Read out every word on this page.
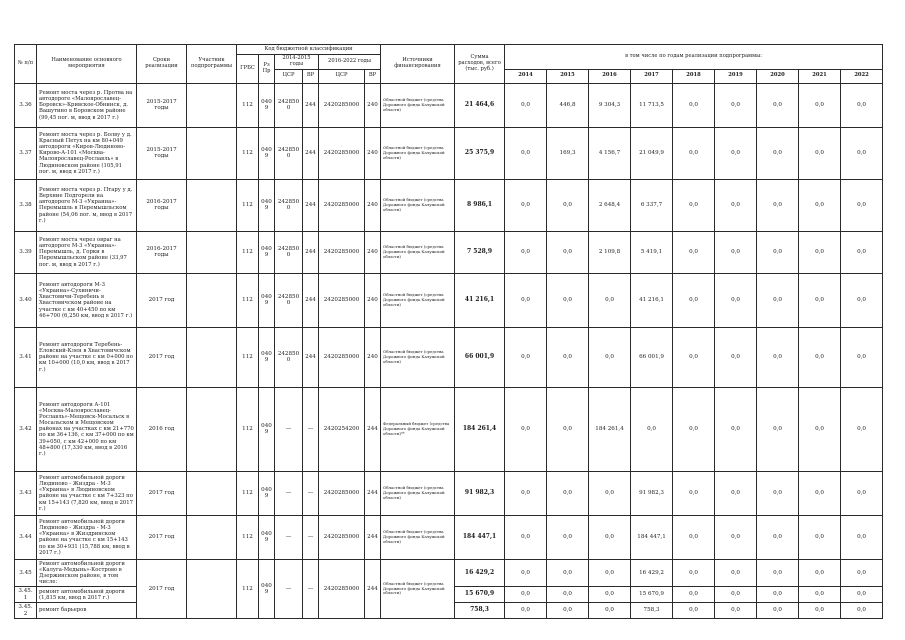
№ п/п	Наименование основного мероприятия	Сроки реализации	Участник подпрограммы	Код бюджетной классификации						Источники финансирования	Сумма расходов, всего (тыс. руб.)	в том числе по годам реализации подпрограммы:								
				ГРБС	Рз Пр	2014-2015 годы		2016-2022 годы												
						ЦСР	ВР	ЦСР	ВР			2014	2015	2016	2017	2018	2019	2020	2021	2022

3.36	Ремонт моста через р. Протва на автодороге «Малоярославец-Боровск»-Кривское-Обнинск, д. Вашутино в Боровском районе (99,45 пог. м, ввод в 2017 г.)	2015-2017 годы		112	0409	2428500	244	2420285000	240	Областной бюджет (средства Дорожного фонда Калужской области)	21 464,6	0,0	446,8	9 304,3	11 713,5	0,0	0,0	0,0	0,0	0,0
3.37	Ремонт моста через р. Болву у д. Красный Петух на км 80+049 автодороги «Киров-Людиново-Кирово-А-101 «Москва-Малоярославец-Рославль» в Людиновском районе (105,91 пог. м, ввод в 2017 г.)	2015-2017 годы		112	0409	2428500	244	2420285000	240	Областной бюджет (средства Дорожного фонда Калужской области)	25 375,9	0,0	169,3	4 156,7	21 049,9	0,0	0,0	0,0	0,0	0,0
3.38	Ремонт моста через р. Птару у д. Верхние Подгорели на автодороге М-3 «Украина»-Перемышль в Перемышльском районе (54,06 пог. м, ввод в 2017 г.)	2016-2017 годы		112	0409	2428500	244	2420285000	240	Областной бюджет (средства Дорожного фонда Калужской области)	8 986,1	0,0	0,0	2 648,4	6 337,7	0,0	0,0	0,0	0,0	0,0
3.39	Ремонт моста через овраг на автодороге М-3 «Украина»-Перемышль, д. Горки в Перемышльском районе (33,97 пог. м, ввод в 2017 г.)	2016-2017 годы		112	0409	2428500	244	2420285000	240	Областной бюджет (средства Дорожного фонда Калужской области)	7 528,9	0,0	0,0	2 109,8	5 419,1	0,0	0,0	0,0	0,0	0,0
3.40	Ремонт автодороги М-3 «Украина»-Сухиничи-Хвастовичи-Теребень в Хвастовичском районе на участке с км 40+450 по км 46+700 (6,250 км, ввод в 2017 г.)	2017 год		112	0409	2428500	244	2420285000	240	Областной бюджет (средства Дорожного фонда Калужской области)	41 216,1	0,0	0,0	0,0	41 216,1	0,0	0,0	0,0	0,0	0,0
3.41	Ремонт автодороги Теребень-Еловский-Клен в Хвастовичском районе на участке с км 0+000 по км 10+000 (10,0 км, ввод в 2017 г.)	2017 год		112	0409	2428500	244	2420285000	240	Областной бюджет (средства Дорожного фонда Калужской области)	66 001,9	0,0	0,0	0,0	66 001,9	0,0	0,0	0,0	0,0	0,0
3.42	Ремонт автодороги А-101 «Москва-Малоярославец-Рославль»-Мещовск-Мосальск в Мосальском и Мещовском районах на участках с км 21+770 по км 36+136, с км 37+000 по км 39+050, с км 42+000 по км 48+800 (17,330 км, ввод в 2016 г.)	2016 год		112	0409	—	—	2420254200	244	Федеральный бюджет (средства Дорожного фонда Калужской области)**	184 261,4	0,0	0,0	184 261,4	0,0	0,0	0,0	0,0	0,0	0,0
3.43	Ремонт автомобильной дороги Людиново - Жиздра - М-3 «Украина» в Людиновском районе на участке с км 7+323 по км 15+143 (7,820 км, ввод в 2017 г.)	2017 год		112	0409	—	—	2420285000	244	Областной бюджет (средства Дорожного фонда Калужской области)	91 982,3	0,0	0,0	0,0	91 982,3	0,0	0,0	0,0	0,0	0,0
3.44	Ремонт автомобильной дороги Людиново - Жиздра - М-3 «Украина» в Жиздринском районе на участке с км 15+143 по км 30+931 (15,788 км, ввод в 2017 г.)	2017 год		112	0409	—	—	2420285000	244	Областной бюджет (средства Дорожного фонда Калужской области)	184 447,1	0,0	0,0	0,0	184 447,1	0,0	0,0	0,0	0,0	0,0
3.45	Ремонт автомобильной дороги «Калуга-Медынь»-Кострово в Дзержинском районе, в том числе:	2017 год		112	0409	—	—	2420285000	244	Областной бюджет (средства Дорожного фонда Калужской области)	16 429,2	0,0	0,0	0,0	16 429,2	0,0	0,0	0,0	0,0	0,0
3.45.1	ремонт автомобильной дороги (1,815 км, ввод в 2017 г.)										15 670,9	0,0	0,0	0,0	15 670,9	0,0	0,0	0,0	0,0	0,0
3.45.2	ремонт барьеров										758,3	0,0	0,0	0,0	758,3	0,0	0,0	0,0	0,0	0,0
